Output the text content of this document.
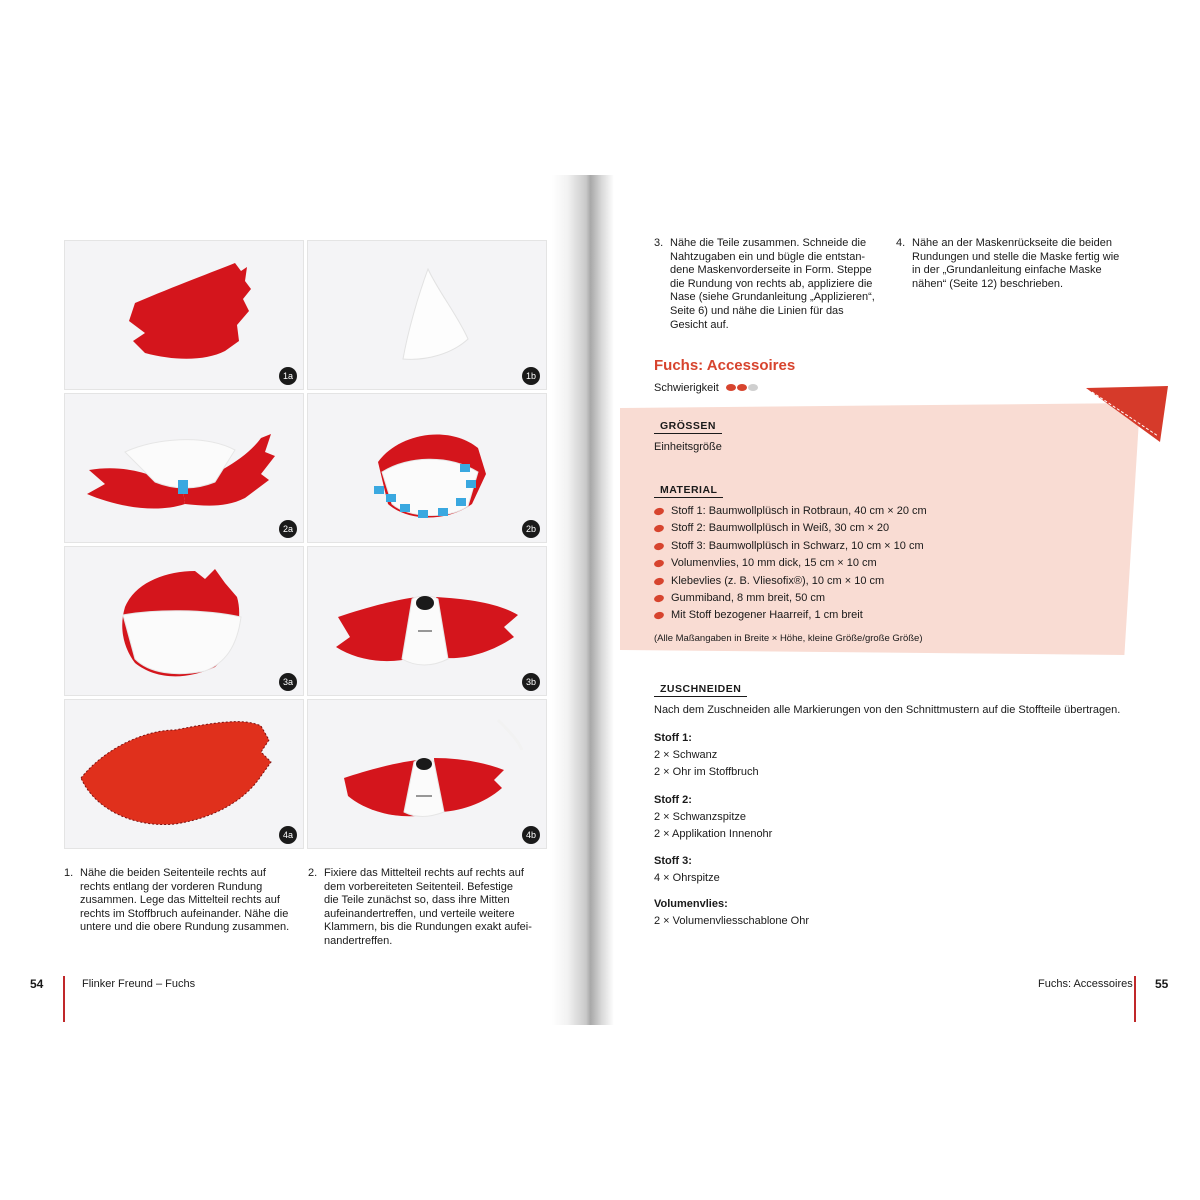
1a	1b
2a	2b
3a	3b
4a	4b
1. Nähe die beiden Seitenteile rechts auf
rechts entlang der vorderen Rundung
zusammen. Lege das Mittelteil rechts auf
rechts im Stoffbruch aufeinander. Nähe die
untere und die obere Rundung zusammen.
2. Fixiere das Mittelteil rechts auf rechts auf
dem vorbereiteten Seitenteil. Befestige
die Teile zunächst so, dass ihre Mitten
aufeinandertreffen, und verteile weitere
Klammern, bis die Rundungen exakt aufei-
nandertreffen.
54	Flinker Freund – Fuchs
3. Nähe die Teile zusammen. Schneide die
Nahtzugaben ein und bügle die entstan-
dene Maskenvorderseite in Form. Steppe
die Rundung von rechts ab, appliziere die
Nase (siehe Grundanleitung „Applizieren“,
Seite 6) und nähe die Linien für das
Gesicht auf.
4. Nähe an der Maskenrückseite die beiden
Rundungen und stelle die Maske fertig wie
in der „Grundanleitung einfache Maske
nähen“ (Seite 12) beschrieben.
Fuchs: Accessoires
Schwierigkeit
GRÖSSEN
Einheitsgröße
MATERIAL
Stoff 1: Baumwollplüsch in Rotbraun, 40 cm × 20 cm
Stoff 2: Baumwollplüsch in Weiß, 30 cm × 20
Stoff 3: Baumwollplüsch in Schwarz, 10 cm × 10 cm
Volumenvlies, 10 mm dick, 15 cm × 10 cm
Klebevlies (z. B. Vliesofix®), 10 cm × 10 cm
Gummiband, 8 mm breit, 50 cm
Mit Stoff bezogener Haarreif, 1 cm breit
(Alle Maßangaben in Breite × Höhe, kleine Größe/große Größe)
ZUSCHNEIDEN
Nach dem Zuschneiden alle Markierungen von den Schnittmustern auf die Stoffteile übertragen.
Stoff 1:
2 × Schwanz
2 × Ohr im Stoffbruch
Stoff 2:
2 × Schwanzspitze
2 × Applikation Innenohr
Stoff 3:
4 × Ohrspitze
Volumenvlies:
2 × Volumenvliesschablone Ohr
Fuchs: Accessoires 55
